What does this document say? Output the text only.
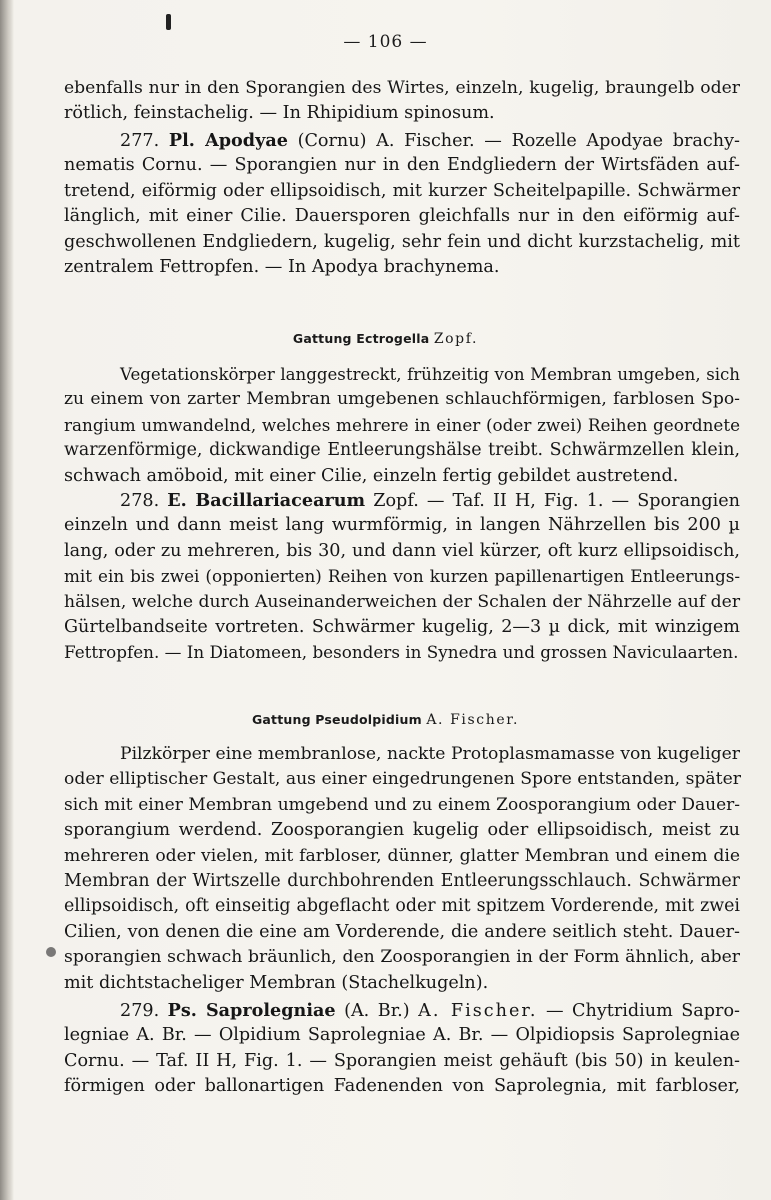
— 106 —
ebenfalls nur in den Sporangien des Wirtes, einzeln, kugelig, braungelb oder
rötlich, feinstachelig. — In Rhipidium spinosum.
277. Pl. Apodyae (Cornu) A. Fischer. — Rozelle Apodyae brachy-
nematis Cornu. — Sporangien nur in den Endgliedern der Wirtsfäden auf-
tretend, eiförmig oder ellipsoidisch, mit kurzer Scheitelpapille. Schwärmer
länglich, mit einer Cilie. Dauersporen gleichfalls nur in den eiförmig auf-
geschwollenen Endgliedern, kugelig, sehr fein und dicht kurzstachelig, mit
zentralem Fettropfen. — In Apodya brachynema.
Gattung Ectrogella Zopf.
Vegetationskörper langgestreckt, frühzeitig von Membran umgeben, sich
zu einem von zarter Membran umgebenen schlauchförmigen, farblosen Spo-
rangium umwandelnd, welches mehrere in einer (oder zwei) Reihen geordnete
warzenförmige, dickwandige Entleerungshälse treibt. Schwärmzellen klein,
schwach amöboid, mit einer Cilie, einzeln fertig gebildet austretend.
278. E. Bacillariacearum Zopf. — Taf. II H, Fig. 1. — Sporangien
einzeln und dann meist lang wurmförmig, in langen Nährzellen bis 200 µ
lang, oder zu mehreren, bis 30, und dann viel kürzer, oft kurz ellipsoidisch,
mit ein bis zwei (opponierten) Reihen von kurzen papillenartigen Entleerungs-
hälsen, welche durch Auseinanderweichen der Schalen der Nährzelle auf der
Gürtelbandseite vortreten. Schwärmer kugelig, 2—3 µ dick, mit winzigem
Fettropfen. — In Diatomeen, besonders in Synedra und grossen Naviculaarten.
Gattung Pseudolpidium A. Fischer.
Pilzkörper eine membranlose, nackte Protoplasmamasse von kugeliger
oder elliptischer Gestalt, aus einer eingedrungenen Spore entstanden, später
sich mit einer Membran umgebend und zu einem Zoosporangium oder Dauer-
sporangium werdend. Zoosporangien kugelig oder ellipsoidisch, meist zu
mehreren oder vielen, mit farbloser, dünner, glatter Membran und einem die
Membran der Wirtszelle durchbohrenden Entleerungsschlauch. Schwärmer
ellipsoidisch, oft einseitig abgeflacht oder mit spitzem Vorderende, mit zwei
Cilien, von denen die eine am Vorderende, die andere seitlich steht. Dauer-
sporangien schwach bräunlich, den Zoosporangien in der Form ähnlich, aber
mit dichtstacheliger Membran (Stachelkugeln).
279. Ps. Saprolegniae (A. Br.) A. Fischer. — Chytridium Sapro-
legniae A. Br. — Olpidium Saprolegniae A. Br. — Olpidiopsis Saprolegniae
Cornu. — Taf. II H, Fig. 1. — Sporangien meist gehäuft (bis 50) in keulen-
förmigen oder ballonartigen Fadenenden von Saprolegnia, mit farbloser,
